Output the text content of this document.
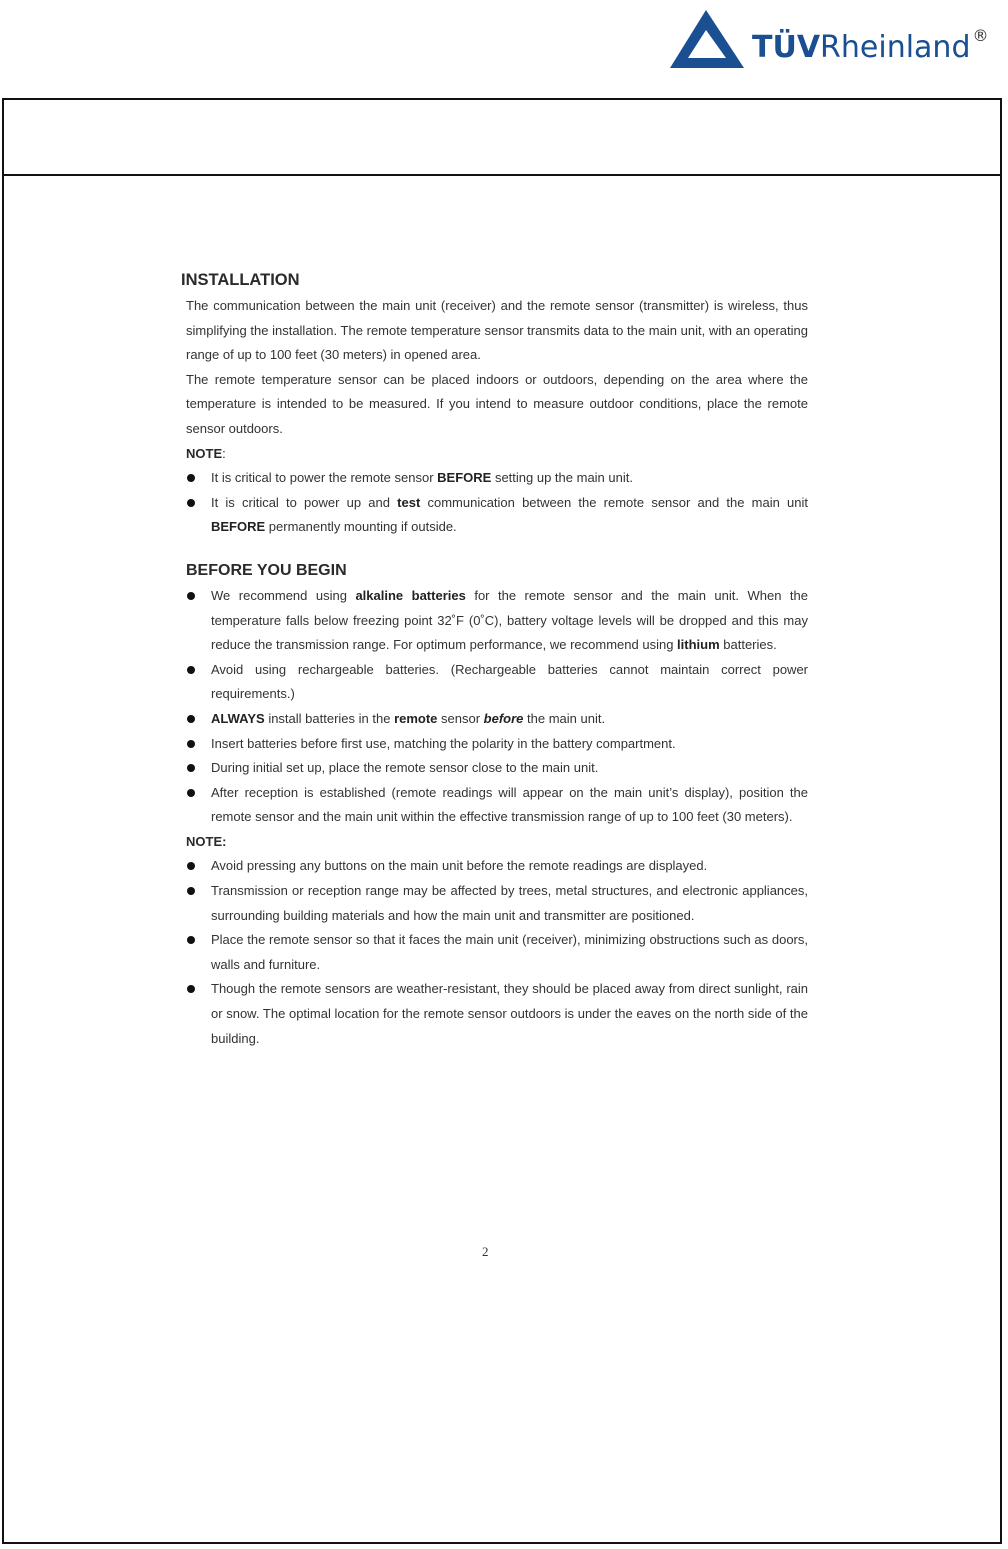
TÜVRheinland ®
INSTALLATION

The communication between the main unit (receiver) and the remote sensor (transmitter) is wireless, thus simplifying the installation. The remote temperature sensor transmits data to the main unit, with an operating range of up to 100 feet (30 meters) in opened area.

The remote temperature sensor can be placed indoors or outdoors, depending on the area where the temperature is intended to be measured. If you intend to measure outdoor conditions, place the remote sensor outdoors.

NOTE:
It is critical to power the remote sensor BEFORE setting up the main unit.
It is critical to power up and test communication between the remote sensor and the main unit BEFORE permanently mounting if outside.
BEFORE YOU BEGIN
We recommend using alkaline batteries for the remote sensor and the main unit. When the temperature falls below freezing point 32˚F (0˚C), battery voltage levels will be dropped and this may reduce the transmission range. For optimum performance, we recommend using lithium batteries.
Avoid using rechargeable batteries. (Rechargeable batteries cannot maintain correct power requirements.)
ALWAYS install batteries in the remote sensor before the main unit.
Insert batteries before first use, matching the polarity in the battery compartment.
During initial set up, place the remote sensor close to the main unit.
After reception is established (remote readings will appear on the main unit’s display), position the remote sensor and the main unit within the effective transmission range of up to 100 feet (30 meters).
NOTE:
Avoid pressing any buttons on the main unit before the remote readings are displayed.
Transmission or reception range may be affected by trees, metal structures, and electronic appliances, surrounding building materials and how the main unit and transmitter are positioned.
Place the remote sensor so that it faces the main unit (receiver), minimizing obstructions such as doors, walls and furniture.
Though the remote sensors are weather-resistant, they should be placed away from direct sunlight, rain or snow. The optimal location for the remote sensor outdoors is under the eaves on the north side of the building.
2
